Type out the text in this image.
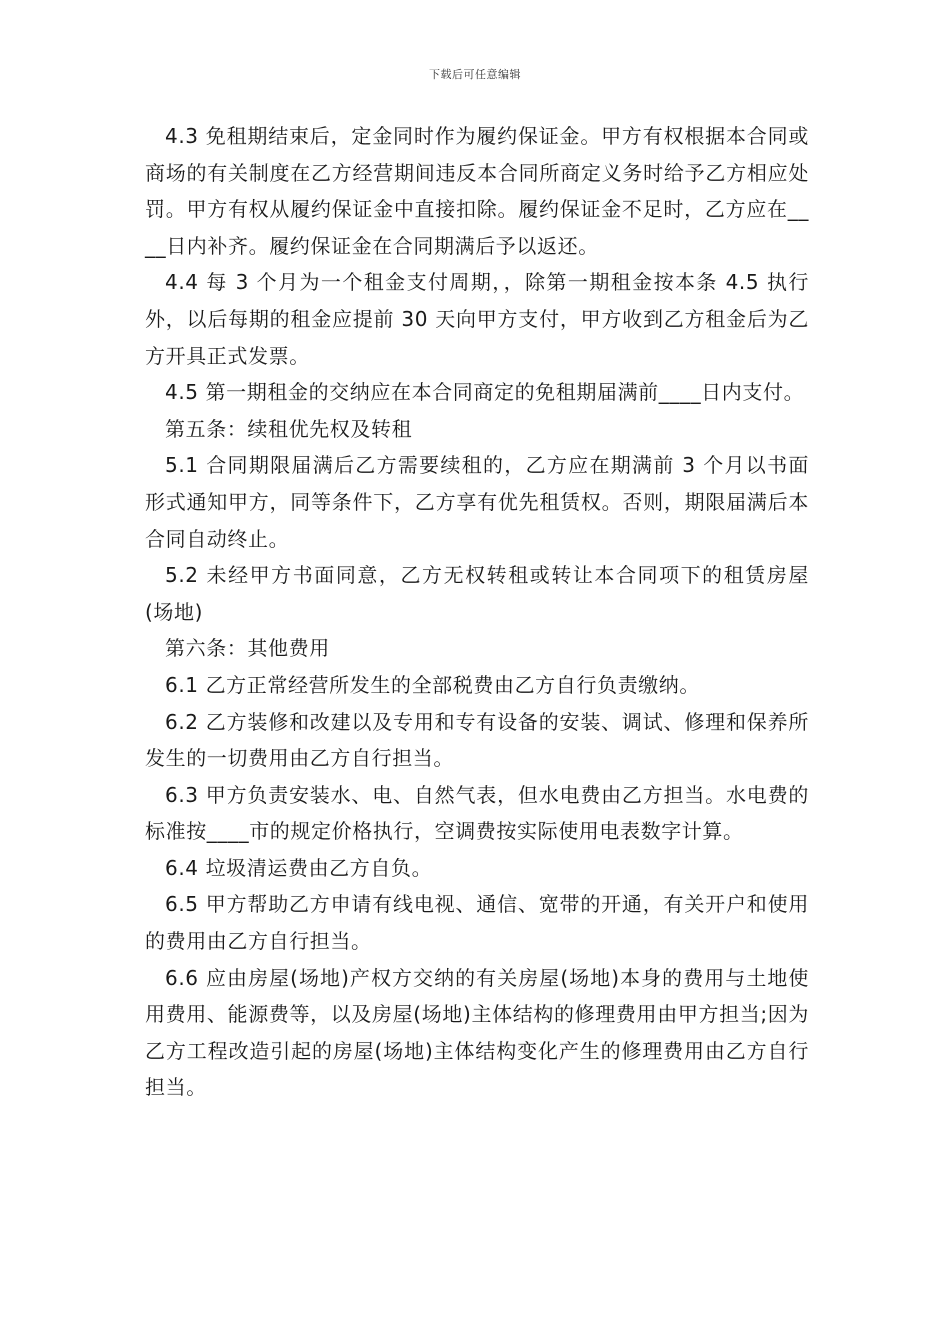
下载后可任意编辑

4.3 免租期结束后，定金同时作为履约保证金。甲方有权根据本合同或商场的有关制度在乙方经营期间违反本合同所商定义务时给予乙方相应处罚。甲方有权从履约保证金中直接扣除。履约保证金不足时，乙方应在____日内补齐。履约保证金在合同期满后予以返还。

4.4 每 3 个月为一个租金支付周期，，除第一期租金按本条 4.5 执行外，以后每期的租金应提前 30 天向甲方支付，甲方收到乙方租金后为乙方开具正式发票。

4.5 第一期租金的交纳应在本合同商定的免租期届满前____日内支付。

第五条：续租优先权及转租

5.1 合同期限届满后乙方需要续租的，乙方应在期满前 3 个月以书面形式通知甲方，同等条件下，乙方享有优先租赁权。否则，期限届满后本合同自动终止。

5.2 未经甲方书面同意，乙方无权转租或转让本合同项下的租赁房屋(场地)

第六条：其他费用

6.1 乙方正常经营所发生的全部税费由乙方自行负责缴纳。

6.2 乙方装修和改建以及专用和专有设备的安装、调试、修理和保养所发生的一切费用由乙方自行担当。

6.3 甲方负责安装水、电、自然气表，但水电费由乙方担当。水电费的标准按____市的规定价格执行，空调费按实际使用电表数字计算。

6.4 垃圾清运费由乙方自负。

6.5 甲方帮助乙方申请有线电视、通信、宽带的开通，有关开户和使用的费用由乙方自行担当。

6.6 应由房屋(场地)产权方交纳的有关房屋(场地)本身的费用与土地使用费用、能源费等，以及房屋(场地)主体结构的修理费用由甲方担当;因为乙方工程改造引起的房屋(场地)主体结构变化产生的修理费用由乙方自行担当。
